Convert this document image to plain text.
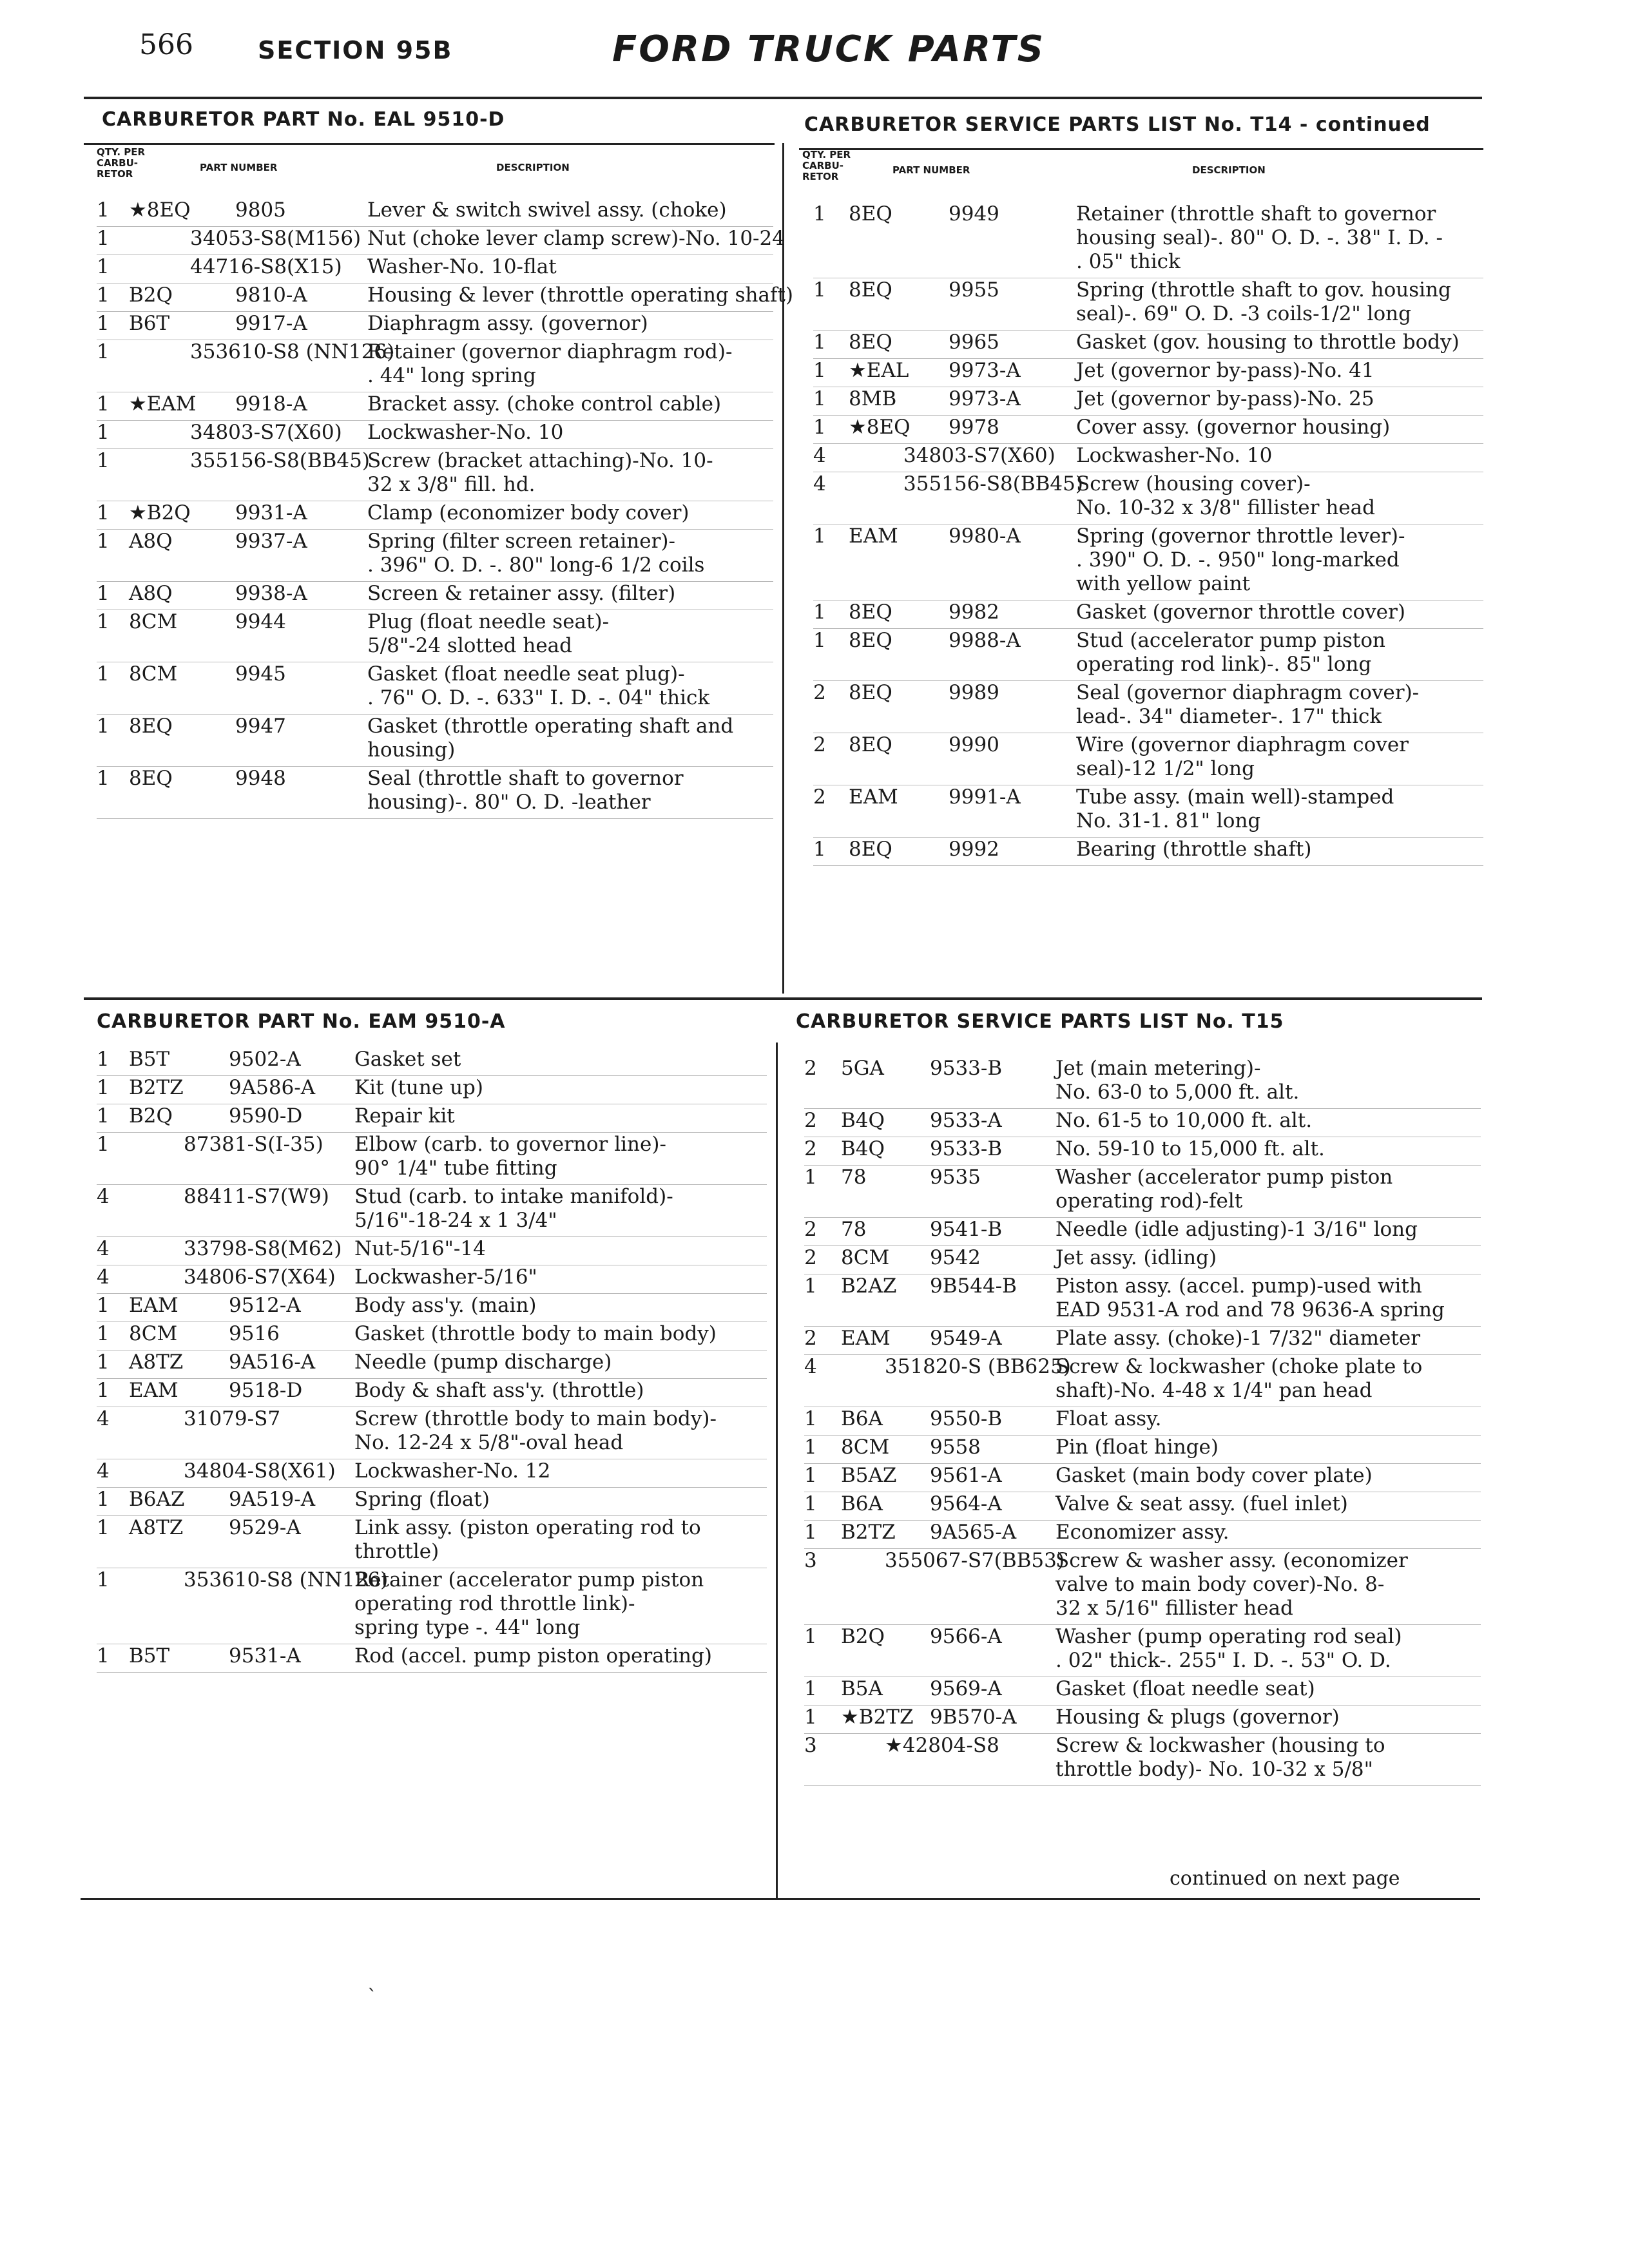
566	SECTION 95B	FORD TRUCK PARTS
CARBURETOR PART No. EAL 9510-D	CARBURETOR SERVICE PARTS LIST No. T14 - continued
CARBURETOR PART No. EAM 9510-A	CARBURETOR SERVICE PARTS LIST No. T15
QTY. PER CARBU- RETOR
PART NUMBER	DESCRIPTION
QTY. PER CARBU- RETOR
PART NUMBER	DESCRIPTION
1 ★8EQ 9805	Lever & switch swivel assy. (choke)
1	34053-S8(M156) Nut (choke lever clamp screw)-No. 10-24
1	44716-S8(X15) Washer-No. 10-flat
1 B2Q	9810-A	Housing & lever (throttle operating shaft)
1 B6T	9917-A	Diaphragm assy. (governor)
1	353610-S8 (NN126)
Retainer (governor diaphragm rod)-
. 44" long spring
1 ★EAM 9918-A	Bracket assy. (choke control cable)
1	34803-S7(X60) Lockwasher-No. 10
1	355156-S8(BB45)
Screw (bracket attaching)-No. 10-
32 x 3/8" fill. hd.
1 ★B2Q 9931-A	Clamp (economizer body cover)
1 A8Q	9937-A	Spring (filter screen retainer)-
. 396" O. D. -. 80" long-6 1/2 coils
1 A8Q	9938-A	Screen & retainer assy. (filter)
1 8CM	9944	Plug (float needle seat)-
5/8"-24 slotted head
1 8CM	9945	Gasket (float needle seat plug)-
. 76" O. D. -. 633" I. D. -. 04" thick
1 8EQ	9947	Gasket (throttle operating shaft and
housing)
1 8EQ	9948	Seal (throttle shaft to governor
housing)-. 80" O. D. -leather
1 8EQ	9949	Retainer (throttle shaft to governor
housing seal)-. 80" O. D. -. 38" I. D. -
. 05" thick
1 8EQ	9955	Spring (throttle shaft to gov. housing
seal)-. 69" O. D. -3 coils-1/2" long
1 8EQ	9965	Gasket (gov. housing to throttle body)
1 ★EAL 9973-A	Jet (governor by-pass)-No. 41
1 8MB	9973-A	Jet (governor by-pass)-No. 25
1 ★8EQ 9978	Cover assy. (governor housing)
4	34803-S7(X60) Lockwasher-No. 10
4	355156-S8(BB45)
Screw (housing cover)-
No. 10-32 x 3/8" fillister head
1 EAM	9980-A	Spring (governor throttle lever)-
. 390" O. D. -. 950" long-marked
with yellow paint
1 8EQ	9982	Gasket (governor throttle cover)
1 8EQ	9988-A	Stud (accelerator pump piston
operating rod link)-. 85" long
2 8EQ	9989	Seal (governor diaphragm cover)-
lead-. 34" diameter-. 17" thick
2 8EQ	9990	Wire (governor diaphragm cover
seal)-12 1/2" long
2 EAM	9991-A	Tube assy. (main well)-stamped
No. 31-1. 81" long
1 8EQ	9992	Bearing (throttle shaft)
1 B5T	9502-A	Gasket set
1 B2TZ 9A586-A Kit (tune up)
1 B2Q	9590-D	Repair kit
1	87381-S(I-35) Elbow (carb. to governor line)-
90° 1/4" tube fitting
4	88411-S7(W9) Stud (carb. to intake manifold)-
5/16"-18-24 x 1 3/4"
4	33798-S8(M62) Nut-5/16"-14
4	34806-S7(X64) Lockwasher-5/16"
1 EAM	9512-A	Body ass'y. (main)
1 8CM	9516	Gasket (throttle body to main body)
1 A8TZ 9A516-A Needle (pump discharge)
1 EAM	9518-D	Body & shaft ass'y. (throttle)
4	31079-S7	Screw (throttle body to main body)-
No. 12-24 x 5/8"-oval head
4	34804-S8(X61) Lockwasher-No. 12
1 B6AZ 9A519-A Spring (float)
1 A8TZ 9529-A	Link assy. (piston operating rod to
throttle)
1	353610-S8 (NN126)
Retainer (accelerator pump piston
operating rod throttle link)-
spring type -. 44" long
1 B5T	9531-A	Rod (accel. pump piston operating)
2 5GA 9533-B	Jet (main metering)-
No. 63-0 to 5,000 ft. alt.
2 B4Q 9533-A	No. 61-5 to 10,000 ft. alt.
2 B4Q 9533-B	No. 59-10 to 15,000 ft. alt.
1 78	9535	Washer (accelerator pump piston
operating rod)-felt
2 78	9541-B	Needle (idle adjusting)-1 3/16" long
2 8CM 9542	Jet assy. (idling)
1 B2AZ 9B544-B Piston assy. (accel. pump)-used with
EAD 9531-A rod and 78 9636-A spring
2 EAM 9549-A	Plate assy. (choke)-1 7/32" diameter
4	351820-S (BB625)
Screw & lockwasher (choke plate to
shaft)-No. 4-48 x 1/4" pan head
1 B6A 9550-B	Float assy.
1 8CM 9558	Pin (float hinge)
1 B5AZ 9561-A	Gasket (main body cover plate)
1 B6A 9564-A	Valve & seat assy. (fuel inlet)
1 B2TZ 9A565-A Economizer assy.
3	355067-S7(BB53)
Screw & washer assy. (economizer
valve to main body cover)-No. 8-
32 x 5/16" fillister head
1 B2Q 9566-A	Washer (pump operating rod seal)
. 02" thick-. 255" I. D. -. 53" O. D.
1 B5A 9569-A	Gasket (float needle seat)
1 ★B2TZ 9B570-A Housing & plugs (governor)
3	★42804-S8	Screw & lockwasher (housing to
throttle body)- No. 10-32 x 5/8"
continued on next page
`
